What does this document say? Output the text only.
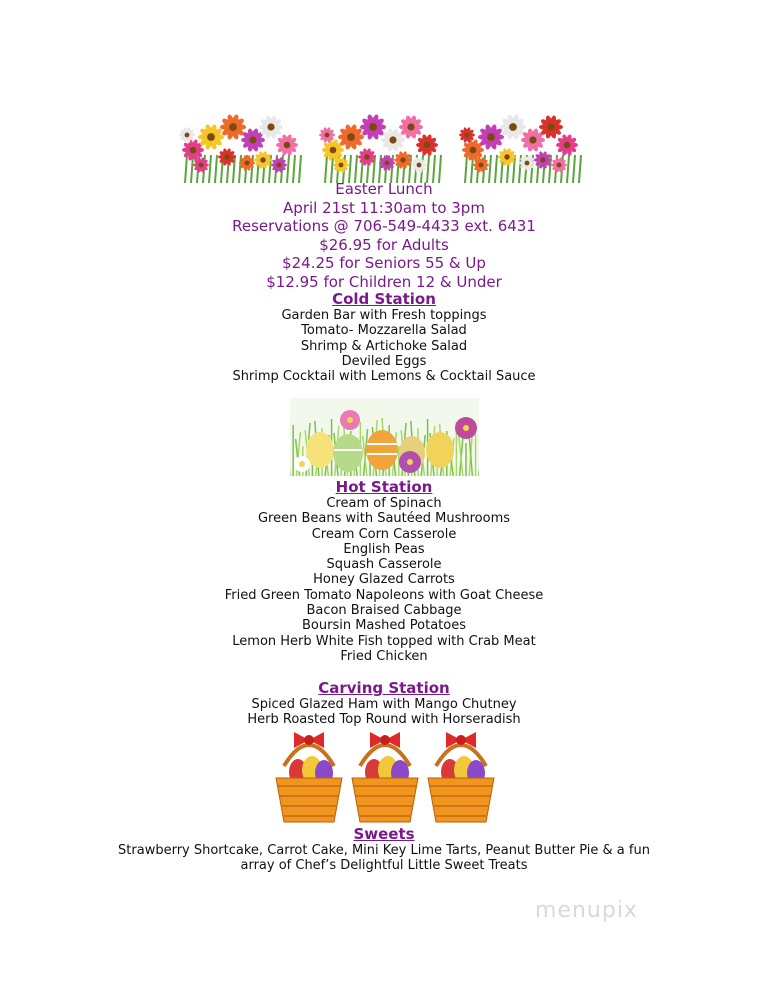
Easter Lunch
April 21st 11:30am to 3pm
Reservations @ 706-549-4433 ext. 6431
$26.95 for Adults
$24.25 for Seniors 55 & Up
$12.95 for Children 12 & Under
Cold Station
Garden Bar with Fresh toppings
Tomato- Mozzarella Salad
Shrimp & Artichoke Salad
Deviled Eggs
Shrimp Cocktail with Lemons & Cocktail Sauce
Hot Station
Cream of Spinach
Green Beans with Sautéed Mushrooms
Cream Corn Casserole
English Peas
Squash Casserole
Honey Glazed Carrots
Fried Green Tomato Napoleons with Goat Cheese
Bacon Braised Cabbage
Boursin Mashed Potatoes
Lemon Herb White Fish topped with Crab Meat
Fried Chicken
Carving Station
Spiced Glazed Ham with Mango Chutney
Herb Roasted Top Round with Horseradish
Sweets
Strawberry Shortcake, Carrot Cake, Mini Key Lime Tarts, Peanut Butter Pie & a fun
array of Chef’s Delightful Little Sweet Treats
menupix
